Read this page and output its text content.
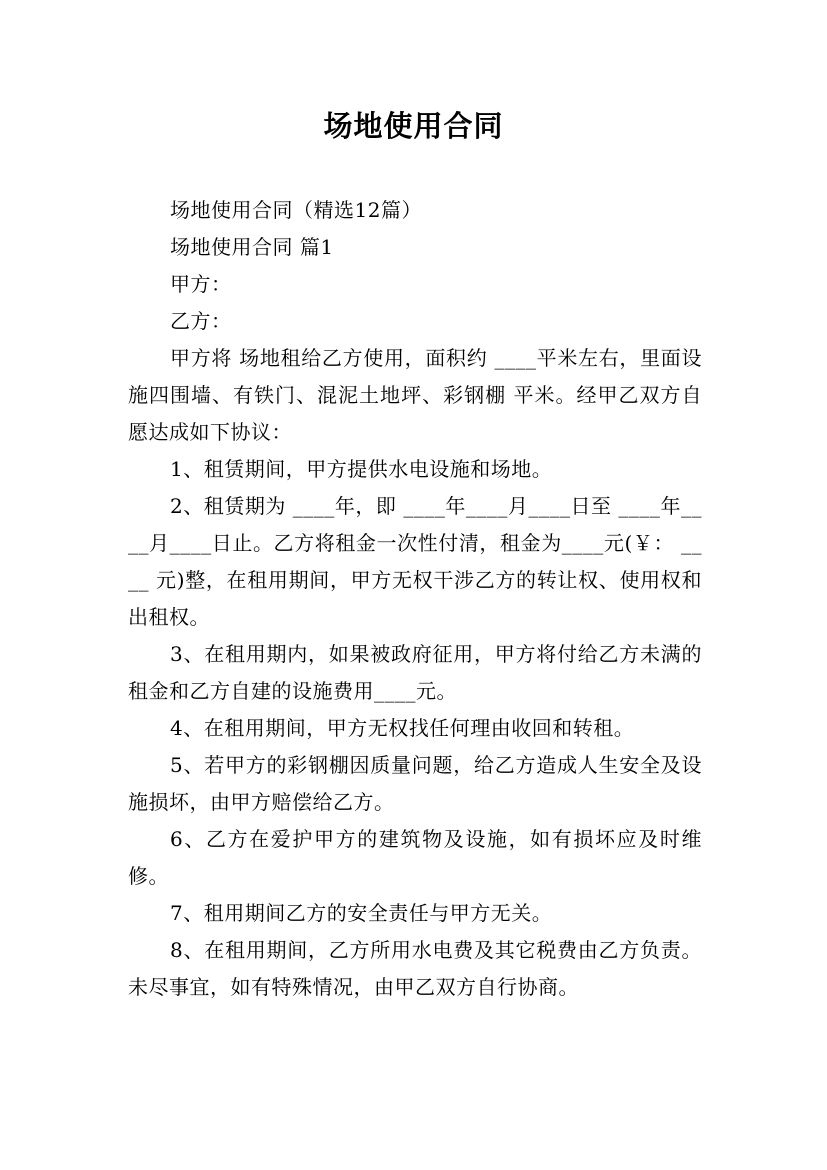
场地使用合同

场地使用合同（精选12篇）

场地使用合同 篇1

甲方：

乙方：

甲方将 场地租给乙方使用，面积约 ____平米左右，里面设施四围墙、有铁门、混泥土地坪、彩钢棚 平米。经甲乙双方自愿达成如下协议：

1、租赁期间，甲方提供水电设施和场地。

2、租赁期为 ____年，即 ____年____月____日至 ____年____月____日止。乙方将租金一次性付清，租金为____元(￥： ____ 元)整，在租用期间，甲方无权干涉乙方的转让权、使用权和出租权。

3、在租用期内，如果被政府征用，甲方将付给乙方未满的租金和乙方自建的设施费用____元。

4、在租用期间，甲方无权找任何理由收回和转租。

5、若甲方的彩钢棚因质量问题，给乙方造成人生安全及设施损坏，由甲方赔偿给乙方。

6、乙方在爱护甲方的建筑物及设施，如有损坏应及时维修。

7、租用期间乙方的安全责任与甲方无关。

8、在租用期间，乙方所用水电费及其它税费由乙方负责。未尽事宜，如有特殊情况，由甲乙双方自行协商。
